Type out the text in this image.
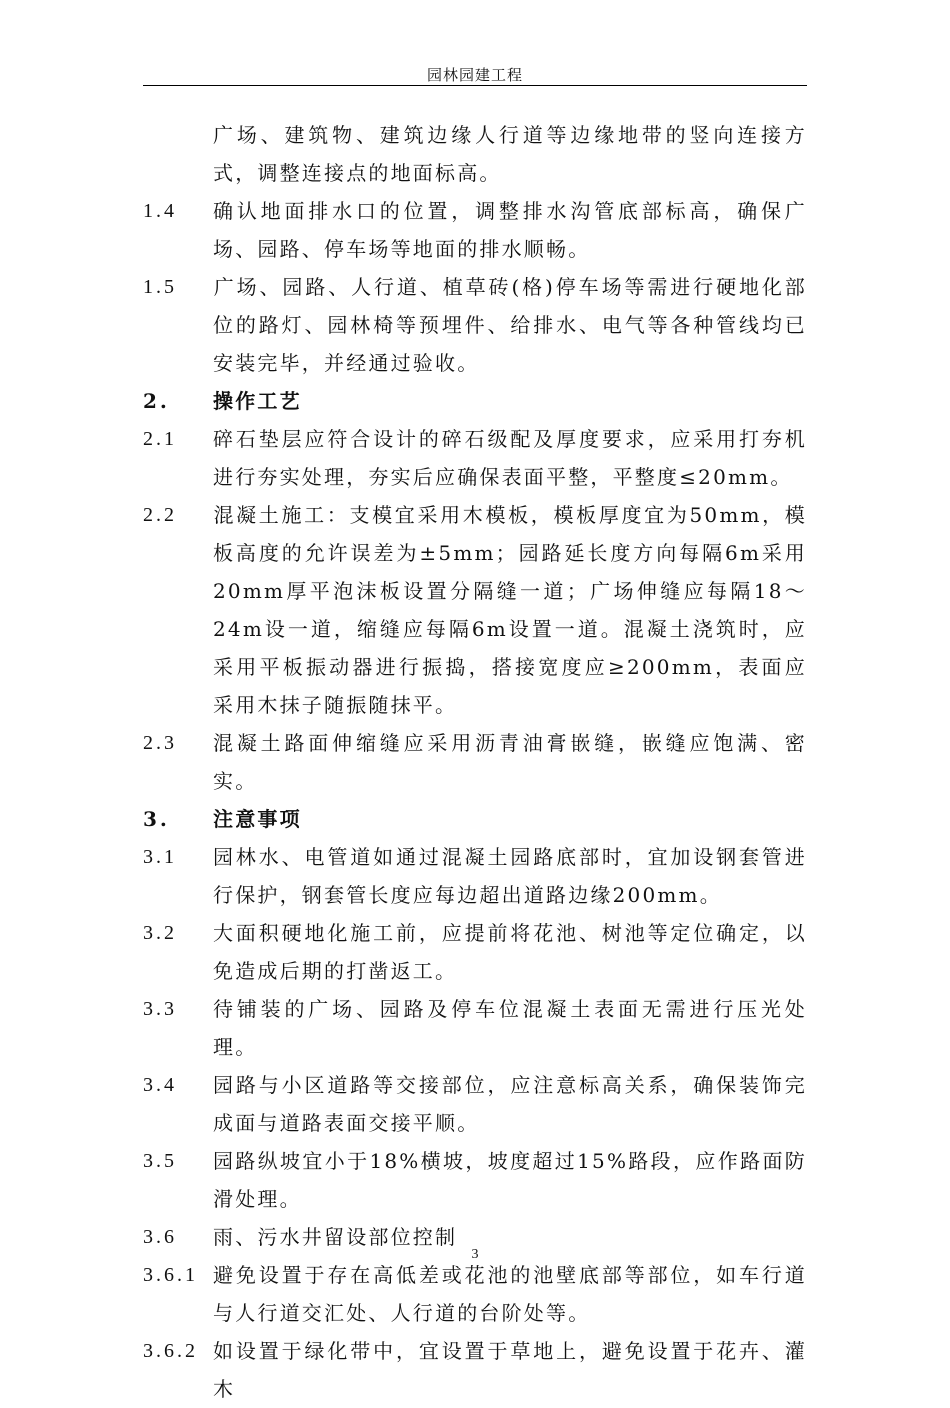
园林园建工程
广场、建筑物、建筑边缘人行道等边缘地带的竖向连接方式，调整连接点的地面标高。
1.4	确认地面排水口的位置，调整排水沟管底部标高，确保广场、园路、停车场等地面的排水顺畅。
1.5	广场、园路、人行道、植草砖(格)停车场等需进行硬地化部位的路灯、园林椅等预埋件、给排水、电气等各种管线均已安装完毕，并经通过验收。
2.	操作工艺
2.1	碎石垫层应符合设计的碎石级配及厚度要求，应采用打夯机进行夯实处理，夯实后应确保表面平整，平整度≤20mm。
2.2	混凝土施工：支模宜采用木模板，模板厚度宜为50mm，模板高度的允许误差为±5mm；园路延长度方向每隔6m采用20mm厚平泡沫板设置分隔缝一道；广场伸缝应每隔18～24m设一道，缩缝应每隔6m设置一道。混凝土浇筑时，应采用平板振动器进行振捣，搭接宽度应≥200mm，表面应采用木抹子随振随抹平。
2.3	混凝土路面伸缩缝应采用沥青油膏嵌缝，嵌缝应饱满、密实。
3.	注意事项
3.1	园林水、电管道如通过混凝土园路底部时，宜加设钢套管进行保护，钢套管长度应每边超出道路边缘200mm。
3.2	大面积硬地化施工前，应提前将花池、树池等定位确定，以免造成后期的打凿返工。
3.3	待铺装的广场、园路及停车位混凝土表面无需进行压光处理。
3.4	园路与小区道路等交接部位，应注意标高关系，确保装饰完成面与道路表面交接平顺。
3.5	园路纵坡宜小于18%横坡，坡度超过15%路段，应作路面防滑处理。
3.6	雨、污水井留设部位控制
3.6.1 避免设置于存在高低差或花池的池壁底部等部位，如车行道与人行道交汇处、人行道的台阶处等。
3.6.2 如设置于绿化带中，宜设置于草地上，避免设置于花卉、灌木
3
